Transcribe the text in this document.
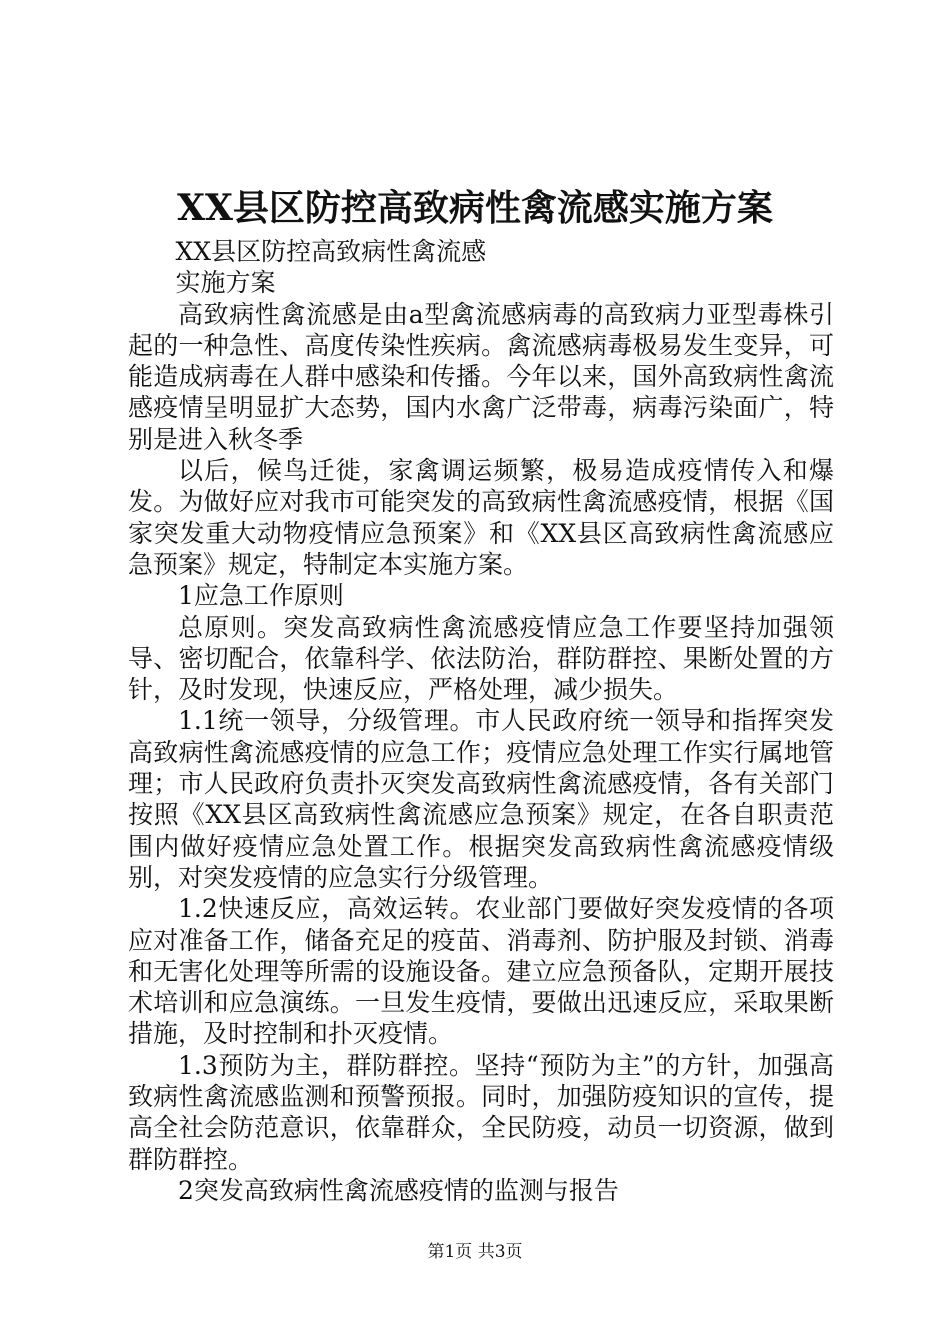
XX县区防控高致病性禽流感实施方案

XX县区防控高致病性禽流感

实施方案

高致病性禽流感是由a型禽流感病毒的高致病力亚型毒株引起的一种急性、高度传染性疾病。禽流感病毒极易发生变异，可能造成病毒在人群中感染和传播。今年以来，国外高致病性禽流感疫情呈明显扩大态势，国内水禽广泛带毒，病毒污染面广，特别是进入秋冬季

以后，候鸟迁徙，家禽调运频繁，极易造成疫情传入和爆发。为做好应对我市可能突发的高致病性禽流感疫情，根据《国家突发重大动物疫情应急预案》和《XX县区高致病性禽流感应急预案》规定，特制定本实施方案。

1应急工作原则

总原则。突发高致病性禽流感疫情应急工作要坚持加强领导、密切配合，依靠科学、依法防治，群防群控、果断处置的方针，及时发现，快速反应，严格处理，减少损失。

1.1统一领导，分级管理。市人民政府统一领导和指挥突发高致病性禽流感疫情的应急工作；疫情应急处理工作实行属地管理；市人民政府负责扑灭突发高致病性禽流感疫情，各有关部门按照《XX县区高致病性禽流感应急预案》规定，在各自职责范围内做好疫情应急处置工作。根据突发高致病性禽流感疫情级别，对突发疫情的应急实行分级管理。

1.2快速反应，高效运转。农业部门要做好突发疫情的各项应对准备工作，储备充足的疫苗、消毒剂、防护服及封锁、消毒和无害化处理等所需的设施设备。建立应急预备队，定期开展技术培训和应急演练。一旦发生疫情，要做出迅速反应，采取果断措施，及时控制和扑灭疫情。

1.3预防为主，群防群控。坚持“预防为主”的方针，加强高致病性禽流感监测和预警预报。同时，加强防疫知识的宣传，提高全社会防范意识，依靠群众，全民防疫，动员一切资源，做到群防群控。

2突发高致病性禽流感疫情的监测与报告

第1页 共3页
